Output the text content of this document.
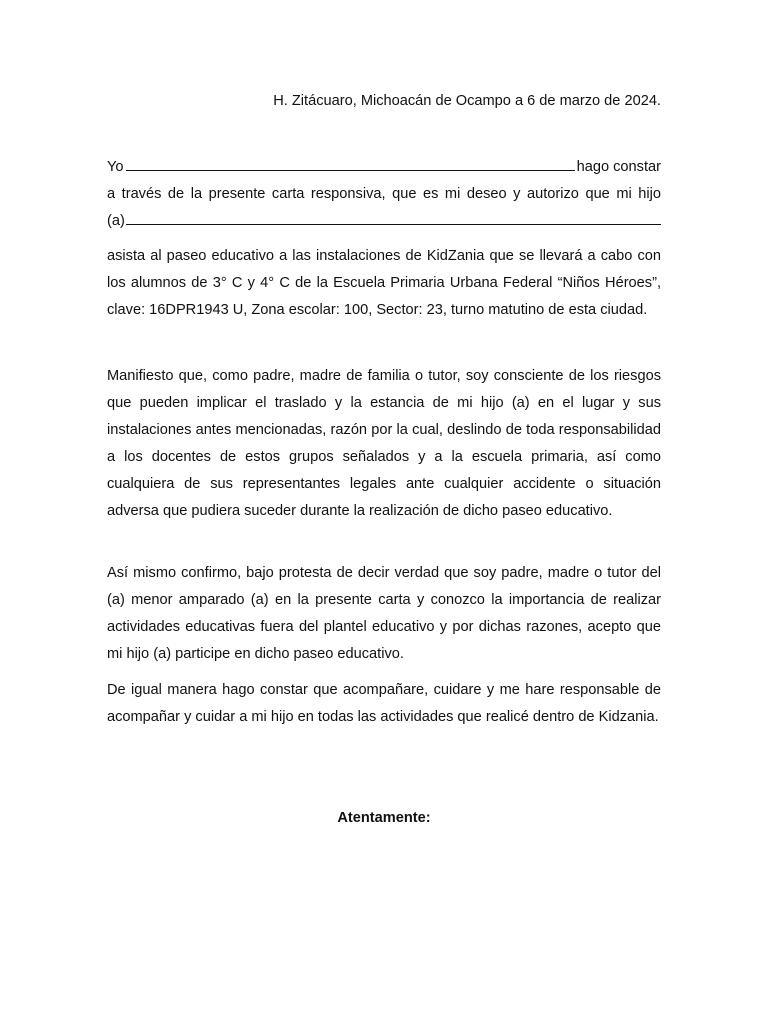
H. Zitácuaro, Michoacán de Ocampo a 6 de marzo de 2024.
Yo	hago constar
a través de la presente carta responsiva, que es mi deseo y autorizo que mi hijo
(a)

asista al paseo educativo a las instalaciones de KidZania que se llevará a cabo con los alumnos de 3° C y 4° C de la Escuela Primaria Urbana Federal “Niños Héroes”, clave: 16DPR1943 U, Zona escolar: 100, Sector: 23, turno matutino de esta ciudad.

Manifiesto que, como padre, madre de familia o tutor, soy consciente de los riesgos que pueden implicar el traslado y la estancia de mi hijo (a) en el lugar y sus instalaciones antes mencionadas, razón por la cual, deslindo de toda responsabilidad a los docentes de estos grupos señalados y a la escuela primaria, así como cualquiera de sus representantes legales ante cualquier accidente o situación adversa que pudiera suceder durante la realización de dicho paseo educativo.

Así mismo confirmo, bajo protesta de decir verdad que soy padre, madre o tutor del (a) menor amparado (a) en la presente carta y conozco la importancia de realizar actividades educativas fuera del plantel educativo y por dichas razones, acepto que mi hijo (a) participe en dicho paseo educativo.

De igual manera hago constar que acompañare, cuidare y me hare responsable de acompañar y cuidar a mi hijo en todas las actividades que realicé dentro de Kidzania.

Atentamente:
